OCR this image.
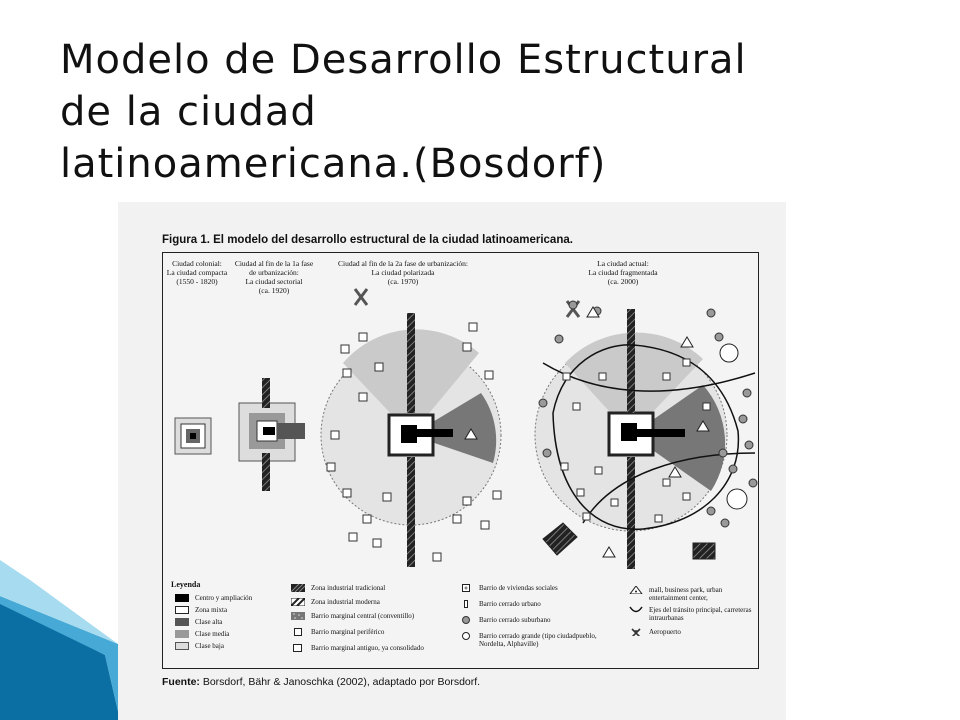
Modelo de Desarrollo Estructural
de la ciudad
latinoamericana.(Bosdorf)
Figura 1. El modelo del desarrollo estructural de la ciudad latinoamericana.
Ciudad colonial:
La ciudad compacta
(1550 - 1820)
Ciudad al fin de la 1a fase
de urbanización:
La ciudad sectorial
(ca. 1920)
Ciudad al fin de la 2a fase de urbanización:
La ciudad polarizada
(ca. 1970)
La ciudad actual:
La ciudad fragmentada
(ca. 2000)
Leyenda
Centro y ampliación
Zona mixta
Clase alta
Clase media
Clase baja
Zona industrial tradicional
Zona industrial moderna
Barrio marginal central (conventillo)
Barrio marginal periférico
Barrio marginal antiguo, ya consolidado
Barrio de viviendas sociales
Barrio cerrado urbano
Barrio cerrado suburbano
Barrio cerrado grande (tipo ciudadpueblo, Nordelta, Alphaville)
mall, business park, urban entertainment center,
Ejes del tránsito principal, carreteras intraurbanas
Aeropuerto
Fuente: Borsdorf, Bähr & Janoschka (2002), adaptado por Borsdorf.
